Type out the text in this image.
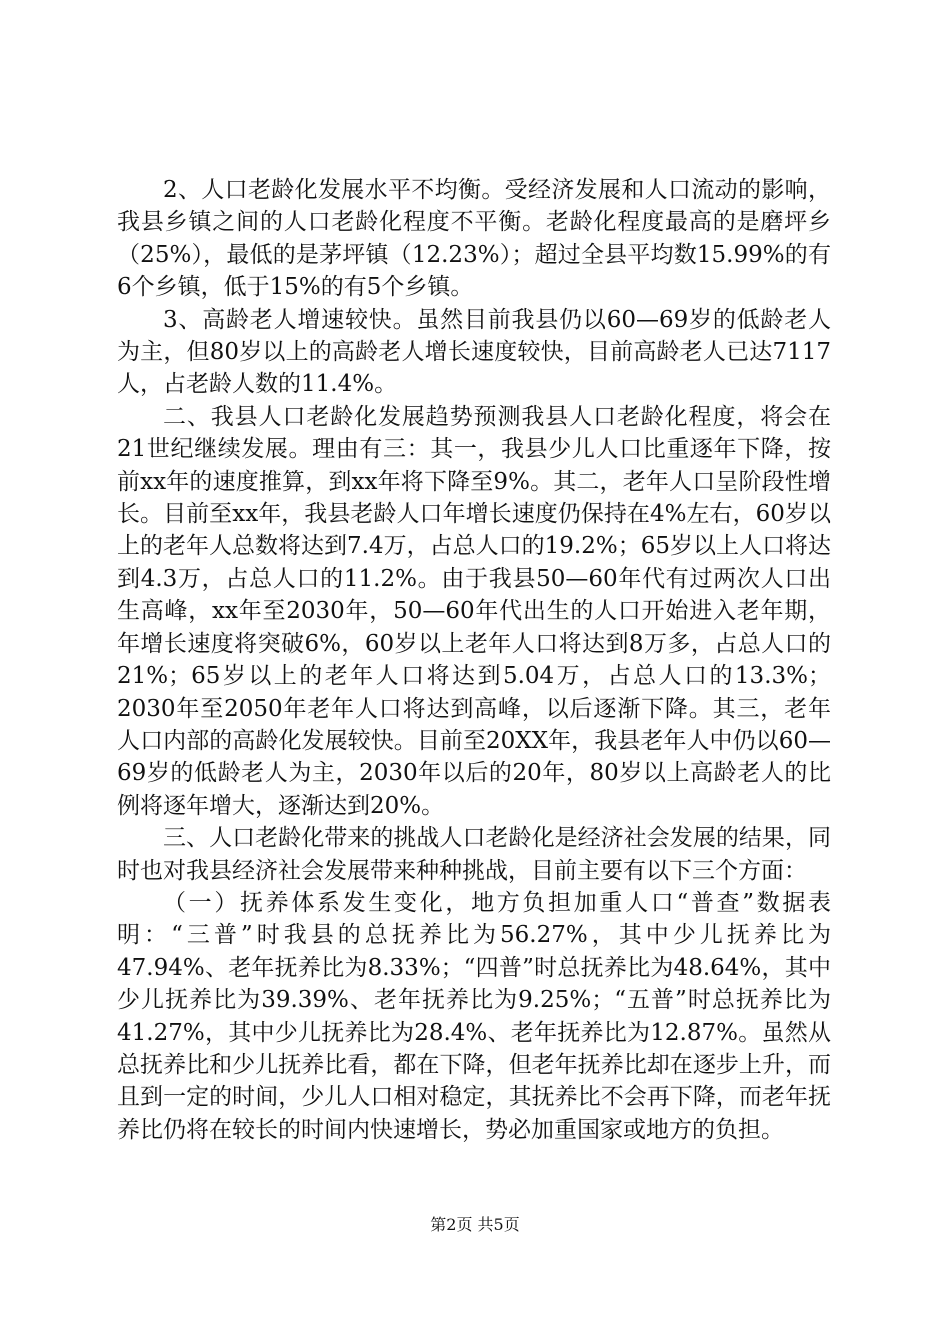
2、人口老龄化发展水平不均衡。受经济发展和人口流动的影响，我县乡镇之间的人口老龄化程度不平衡。老龄化程度最高的是磨坪乡（25%），最低的是茅坪镇（12.23%）；超过全县平均数15.99%的有6个乡镇，低于15%的有5个乡镇。

3、高龄老人增速较快。虽然目前我县仍以60—69岁的低龄老人为主，但80岁以上的高龄老人增长速度较快，目前高龄老人已达7117人，占老龄人数的11.4%。

二、我县人口老龄化发展趋势预测我县人口老龄化程度，将会在21世纪继续发展。理由有三：其一，我县少儿人口比重逐年下降，按前xx年的速度推算，到xx年将下降至9%。其二，老年人口呈阶段性增长。目前至xx年，我县老龄人口年增长速度仍保持在4%左右，60岁以上的老年人总数将达到7.4万，占总人口的19.2%；65岁以上人口将达到4.3万，占总人口的11.2%。由于我县50—60年代有过两次人口出生高峰，xx年至2030年，50—60年代出生的人口开始进入老年期，年增长速度将突破6%，60岁以上老年人口将达到8万多，占总人口的21%；65岁以上的老年人口将达到5.04万，占总人口的13.3%；2030年至2050年老年人口将达到高峰，以后逐渐下降。其三，老年人口内部的高龄化发展较快。目前至20XX年，我县老年人中仍以60—69岁的低龄老人为主，2030年以后的20年，80岁以上高龄老人的比例将逐年增大，逐渐达到20%。

三、人口老龄化带来的挑战人口老龄化是经济社会发展的结果，同时也对我县经济社会发展带来种种挑战，目前主要有以下三个方面：

（一）抚养体系发生变化，地方负担加重人口“普查”数据表明：“三普”时我县的总抚养比为56.27%，其中少儿抚养比为47.94%、老年抚养比为8.33%；“四普”时总抚养比为48.64%，其中少儿抚养比为39.39%、老年抚养比为9.25%；“五普”时总抚养比为41.27%，其中少儿抚养比为28.4%、老年抚养比为12.87%。虽然从总抚养比和少儿抚养比看，都在下降，但老年抚养比却在逐步上升，而且到一定的时间，少儿人口相对稳定，其抚养比不会再下降，而老年抚养比仍将在较长的时间内快速增长，势必加重国家或地方的负担。

第2页 共5页
